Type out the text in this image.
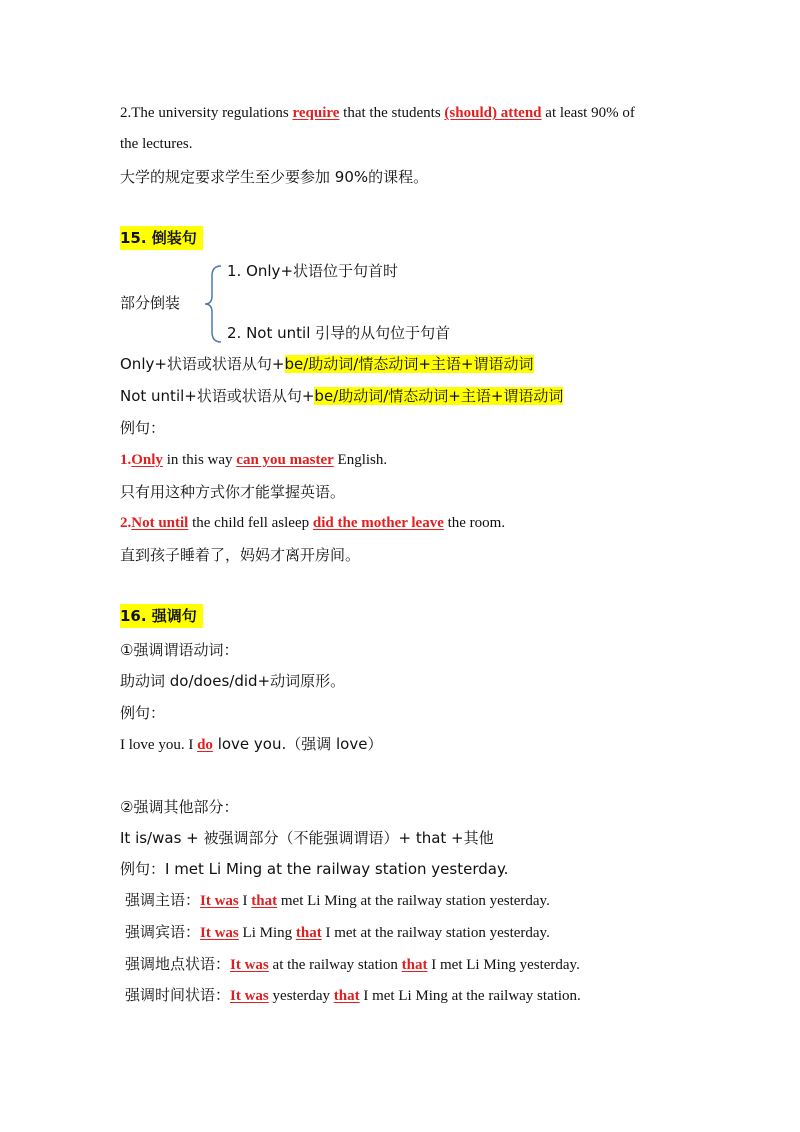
2.The university regulations require that the students (should) attend at least 90% of
the lectures.
大学的规定要求学生至少要参加 90%的课程。
15. 倒装句
1. Only+状语位于句首时
部分倒装
2. Not until 引导的从句位于句首
Only+状语或状语从句+be/助动词/情态动词+主语+谓语动词
Not until+状语或状语从句+be/助动词/情态动词+主语+谓语动词
例句：
1.Only in this way can you master English.
只有用这种方式你才能掌握英语。
2.Not until the child fell asleep did the mother leave the room.
直到孩子睡着了，妈妈才离开房间。
16. 强调句
①强调谓语动词：
助动词 do/does/did+动词原形。
例句：
I love you. I do love you.（强调 love）
②强调其他部分：
It is/was + 被强调部分（不能强调谓语）+ that +其他
例句：I met Li Ming at the railway station yesterday.
强调主语：It was I that met Li Ming at the railway station yesterday.
强调宾语：It was Li Ming that I met at the railway station yesterday.
强调地点状语：It was at the railway station that I met Li Ming yesterday.
强调时间状语：It was yesterday that I met Li Ming at the railway station.
